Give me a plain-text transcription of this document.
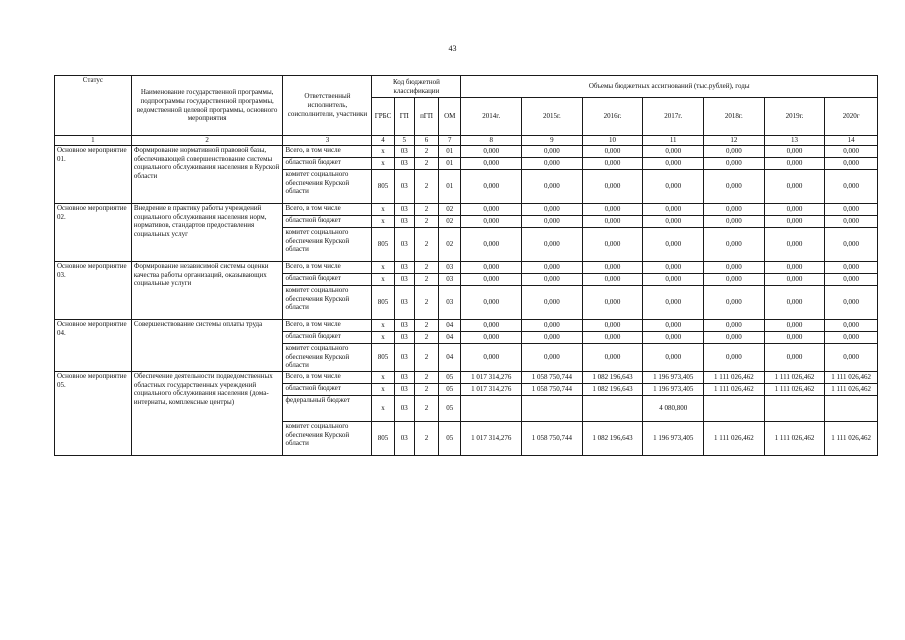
43
Статус	Наименование государственной программы, подпрограммы государственной программы, ведомственной целевой программы, основного мероприятия	Ответственный исполнитель, соисполнители, участники	Код бюджетной классификации				Объемы бюджетных ассигнований (тыс.рублей), годы						
			ГРБС	ГП	пГП	ОМ	2014г.	2015г.	2016г.	2017г.	2018г.	2019г.	2020г
1	2	3	4	5	6	7	8	9	10	11	12	13	14
Основное мероприятие 01.	Формирование нормативной правовой базы, обеспечивающей совершенствование системы социального обслуживания населения в Курской области	Всего, в том числе	х	03	2	01	0,000	0,000	0,000	0,000	0,000	0,000	0,000
		областной бюджет	х	03	2	01	0,000	0,000	0,000	0,000	0,000	0,000	0,000
		комитет социального обеспечения Курской области	805	03	2	01	0,000	0,000	0,000	0,000	0,000	0,000	0,000
Основное мероприятие 02.	Внедрение в практику работы учреждений социального обслуживания населения норм, нормативов, стандартов предоставления социальных услуг	Всего, в том числе	х	03	2	02	0,000	0,000	0,000	0,000	0,000	0,000	0,000
		областной бюджет	х	03	2	02	0,000	0,000	0,000	0,000	0,000	0,000	0,000
		комитет социального обеспечения Курской области	805	03	2	02	0,000	0,000	0,000	0,000	0,000	0,000	0,000
Основное мероприятие 03.	Формирование независимой системы оценки качества работы организаций, оказывающих социальные услуги	Всего, в том числе	х	03	2	03	0,000	0,000	0,000	0,000	0,000	0,000	0,000
		областной бюджет	х	03	2	03	0,000	0,000	0,000	0,000	0,000	0,000	0,000
		комитет социального обеспечения Курской области	805	03	2	03	0,000	0,000	0,000	0,000	0,000	0,000	0,000
Основное мероприятие 04.	Совершенствование системы оплаты труда	Всего, в том числе	х	03	2	04	0,000	0,000	0,000	0,000	0,000	0,000	0,000
		областной бюджет	х	03	2	04	0,000	0,000	0,000	0,000	0,000	0,000	0,000
		комитет социального обеспечения Курской области	805	03	2	04	0,000	0,000	0,000	0,000	0,000	0,000	0,000
Основное мероприятие 05.	Обеспечение деятельности подведомственных областных государственных учреждений социального обслуживания населения (дома-интернаты, комплексные центры)	Всего, в том числе	х	03	2	05	1 017 314,276	1 058 750,744	1 082 196,643	1 196 973,405	1 111 026,462	1 111 026,462	1 111 026,462
		областной бюджет	х	03	2	05	1 017 314,276	1 058 750,744	1 082 196,643	1 196 973,405	1 111 026,462	1 111 026,462	1 111 026,462
		федеральный бюджет	х	03	2	05				4 080,800			
		комитет социального обеспечения Курской области	805	03	2	05	1 017 314,276	1 058 750,744	1 082 196,643	1 196 973,405	1 111 026,462	1 111 026,462	1 111 026,462
